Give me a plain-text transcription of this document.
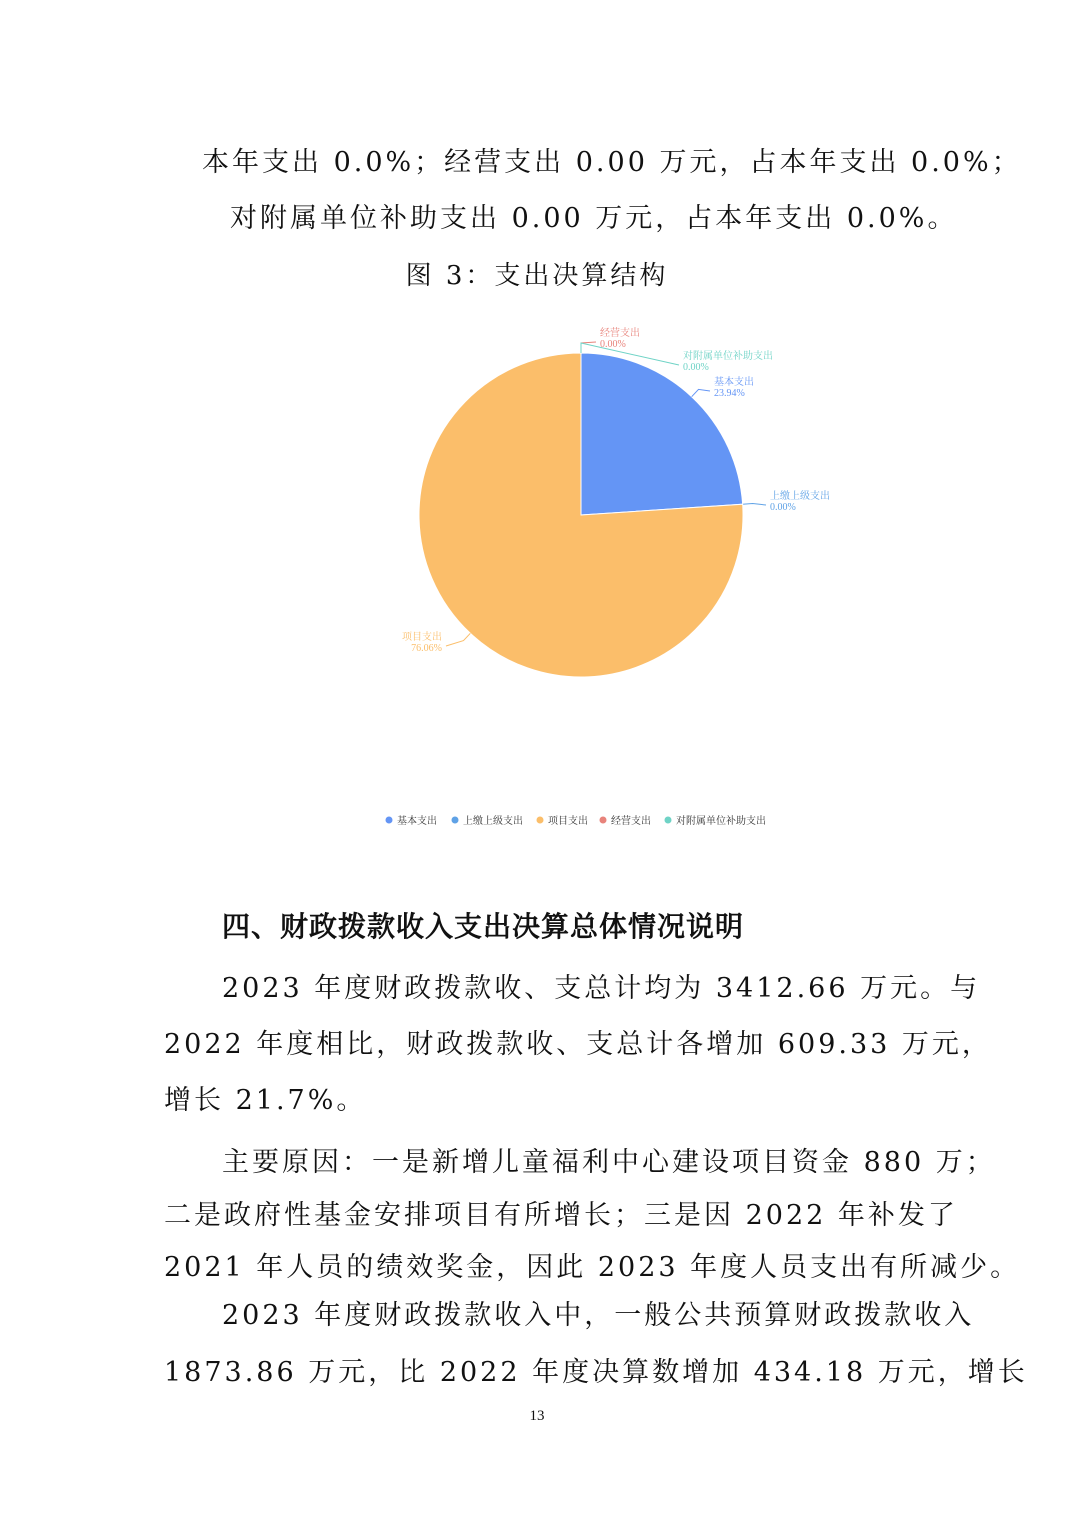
本年支出 0.0%；经营支出 0.00 万元，占本年支出 0.0%；
对附属单位补助支出 0.00 万元，占本年支出 0.0%。
图 3：支出决算结构
基本支出
23.94%
上缴上级支出
0.00%
项目支出
76.06%
经营支出
0.00%
对附属单位补助支出
0.00%
基本支出	上缴上级支出	项目支出 经营支出	对附属单位补助支出
四、财政拨款收入支出决算总体情况说明
2023 年度财政拨款收、支总计均为 3412.66 万元。与
2022 年度相比，财政拨款收、支总计各增加 609.33 万元，
增长 21.7%。
主要原因：一是新增儿童福利中心建设项目资金 880 万；
二是政府性基金安排项目有所增长；三是因 2022 年补发了
2021 年人员的绩效奖金，因此 2023 年度人员支出有所减少。
2023 年度财政拨款收入中，一般公共预算财政拨款收入
1873.86 万元，比 2022 年度决算数增加 434.18 万元，增长
13
